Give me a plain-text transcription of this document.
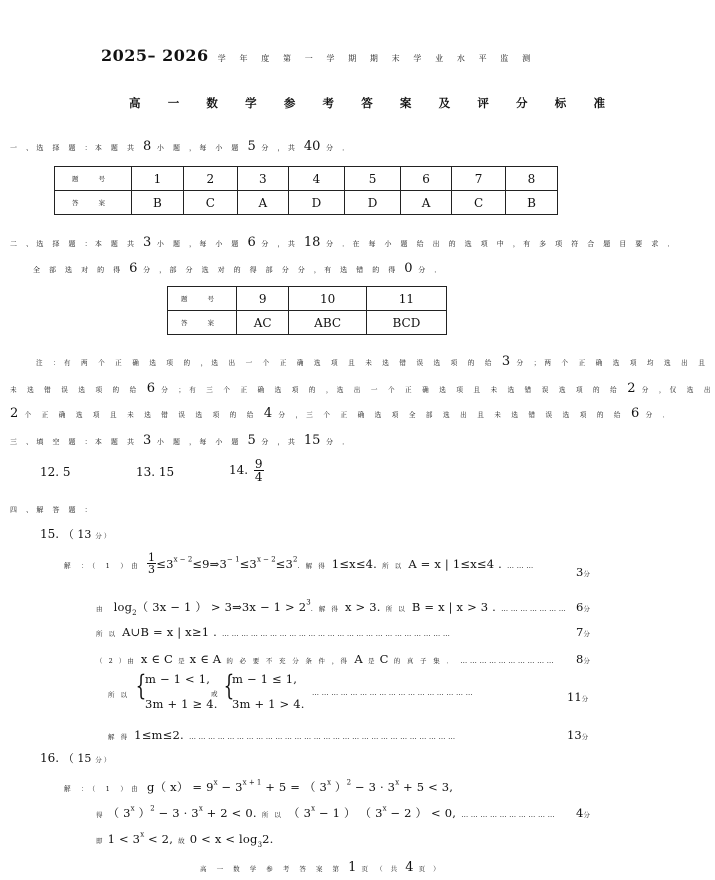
2025– 2026 学 年 度 第 一 学 期 期 末 学 业 水 平 监 测
高 一 数 学 参 考 答 案 及 评 分 标 准
一 、选 择 题 ：本 题 共 8 小 题 ，每 小 题 5 分 ，共 40 分 ．
题 号	1	2	3	4	5	6	7	8
答 案	B	C	A	D	D	A	C	B
二 、选 择 题 ：本 题 共 3 小 题 ，每 小 题 6 分 ，共 18 分 ．在 每 小 题 给 出 的 选 项 中 ，有 多 项 符 合 题 目 要 求 ．
全 部 选 对 的 得 6 分 ，部 分 选 对 的 得 部 分 分 ，有 选 错 的 得 0 分 ．
题 号	9	10	11
答 案	AC	ABC	BCD
注 ：有 两 个 正 确 选 项 的 ，选 出 一 个 正 确 选 项 且 未 选 错 误 选 项 的 给 3 分 ；两 个 正 确 选 项 均 选 出 且
未 选 错 误 选 项 的 给 6 分 ；有 三 个 正 确 选 项 的 ，选 出 一 个 正 确 选 项 且 未 选 错 误 选 项 的 给 2 分 ，仅 选 出
2 个 正 确 选 项 且 未 选 错 误 选 项 的 给 4 分 ，三 个 正 确 选 项 全 部 选 出 且 未 选 错 误 选 项 的 给 6 分 ．
三 、填 空 题 ：本 题 共 3 小 题 ，每 小 题 5 分 ，共 15 分 ．
12. 5	13. 15	14. $\frac{9}{4}$
四 、解 答 题 ：
15. （ 13 分 ）
解 ：（ 1 ）由 $\frac{1}{3}$ $\le 3^{x - 2}\le 9\Rightarrow 3^{- 1}\le 3^{x - 2}\le 3^2$. 解 得 1≤x≤4. 所 以 A = x | 1≤x≤4 . ………	3分
由 $\log_2$（ 3x − 1 ） > 3⇒3x − $1 > 2^3$. 解 得 x > 3. 所 以 B = x | x > 3 . ………………… 6分
所 以 A∪B = x | x≥1 . ………………………………………………………………	7分
（ 2 ）由 x ∈ C 是 x ∈ A 的 必 要 不 充 分 条 件 ，得 A 是 C 的 真 子 集 ． ………………………… 8分
所 以 {
m − 1 < 1,
3m + 1 ≥ 4.
或 {
m − 1 ≤ 1,
3m + 1 > 4.
……………………………………………	11分
解 得 1≤m≤2. …………………………………………………………………………	13分
16. （ 15 分 ）
解 ：（ 1 ）由 g（ $x) = 9^x - 3^{x + 1} + 5$ = （ 3$^x$ ）$^2 - 3 \cdot 3^x + 5 < 3$,
得 （ 3$^x$ ）$^2 - 3 \cdot 3^x + 2 < 0$. 所 以 （ $3^x - 1$ ） （ $3^x - 2$ ） < 0, ………………………… 4分
即 $1 < 3^x < 2$, 故 $0 < x < \log_32$.
高 一 数 学 参 考 答 案 第 1 页 （ 共 4 页 ）
